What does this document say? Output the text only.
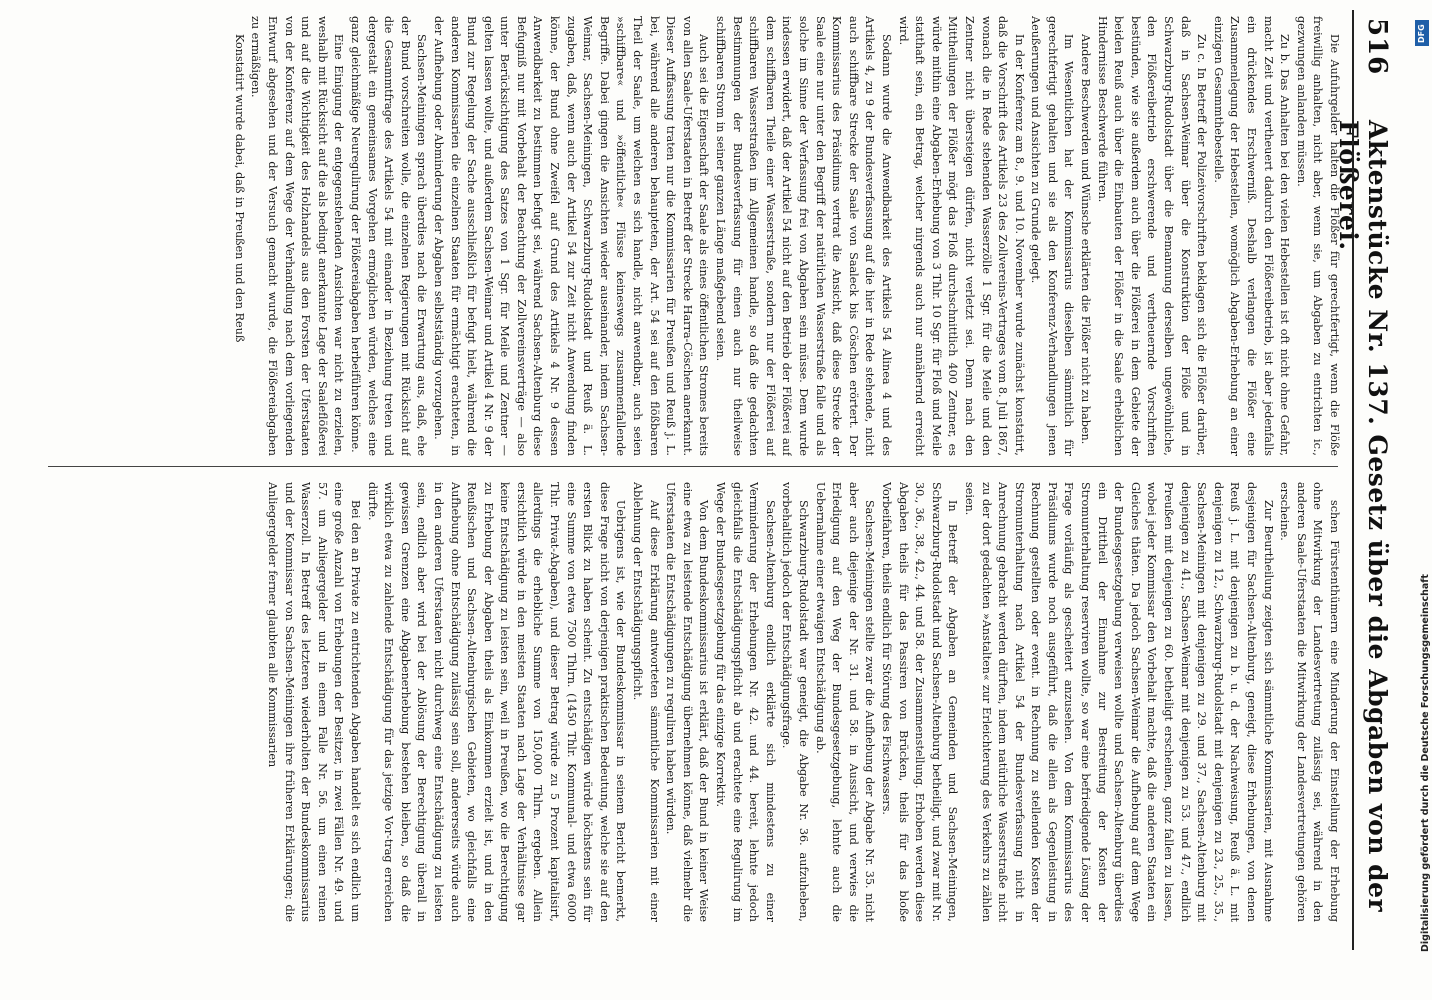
516
Aktenstücke Nr. 137. Gesetz über die Abgaben von der Flößerei.

Die Aufuhrgelder halten die Flößer für gerechtfertigt, wenn die Flöße freiwillig anhalten, nicht aber, wenn sie, um Abgaben zu entrichten ic., gezwungen anlanden müssen.

Zu b. Das Anhalten bei den vielen Hebestellen ist oft nicht ohne Gefahr, macht Zeit und vertheuert dadurch den Flößereibetrieb, ist aber jedenfalls ein drückendes Erschwerniß. Deshalb verlangen die Flößer eine Zusammenlegung der Hebestellen, womöglich Abgaben-Erhebung an einer einzigen Gesammthebestelle.

Zu c. In Betreff der Polizeivorschriften beklagen sich die Flößer darüber, daß in Sachsen-Weimar über die Konstruktion der Flöße und in Schwarzburg-Rudolstadt über die Bemannung derselben ungewöhnliche, den Flößereibetrieb erschwerende und vertheuernde Vorschriften bestünden, wie sie außerdem auch über die Flößerei in dem Gebiete der beiden Reuß auch über die Einbauten der Flößer in die Saale erheblichen Hindernisse Beschwerde führen.

Andere Beschwerden und Wünsche erklärten die Flößer nicht zu haben.

Im Wesentlichen hat der Kommissarius dieselben sämmtlich für gerechtfertigt gehalten und sie als den Konferenz-Verhandlungen jenen Aeußerungen und Ansichten zu Grunde gelegt.

In der Konferenz am 8., 9. und 10. November wurde zunächst konstatirt, daß die Vorschrift des Artikels 23 des Zollvereins-Vertrages vom 8. Juli 1867, wonach die in Rede stehenden Wasserzölle 1 Sgr. für die Meile und den Zentner nicht übersteigen dürfen, nicht verletzt sei. Denn nach den Mittheilungen der Flößer mögt das Floß durchschnittlich 400 Zentner, es würde mithin eine Abgaben-Erhebung von 3 Thlr. 10 Sgr. für Floß und Meile statthaft sein, ein Betrag, welcher nirgends auch nur annähernd erreicht wird.

Sodann wurde die Anwendbarkeit des Artikels 54 Alinea 4 und des Artikels 4, zu 9 der Bundesverfassung auf die hier in Rede stehende, nicht auch schiffbare Strecke der Saale von Saaleck bis Cöschen erörtert. Der Kommissarius des Präsidiums vertrat die Ansicht, daß diese Strecke der Saale eine nur unter den Begriff der natürlichen Wasserstraße falle und als solche im Sinne der Verfassung frei von Abgaben sein müsse. Dem wurde indessen erwidert, daß der Artikel 54 nicht auf den Betrieb der Flößerei auf dem schiffbaren Theile einer Wasserstraße, sondern nur der Flößerei auf schiffbaren Wasserstraßen im Allgemeinen handle, so daß die gedachten Bestimmungen der Bundesverfassung für einen auch nur theilweise schiffbaren Strom in seiner ganzen Länge maßgebend seien.

Auch sei die Eigenschaft der Saale als eines öffentlichen Stromes bereits von allen Saale-Uferstaaten in Betreff der Strecke Harra-Cöschen anerkannt. Dieser Auffassung traten nur die Kommissarien für Preußen und Reuß j. L. bei, während alle anderen behaupteten, der Art. 54 sei auf den flößbaren Theil der Saale, um welchen es sich handle, nicht anwendbar, auch seien »schiffbare« und »öffentliche« Flüsse keineswegs zusammenfallende Begriffe. Dabei gingen die Ansichten wieder auseinander, indem Sachsen-Weimar, Sachsen-Meiningen, Schwarzburg-Rudolstadt und Reuß ä. L. zugaben, daß, wenn auch der Artikel 54 zur Zeit nicht Anwendung finden könne, der Bund ohne Zweifel auf Grund des Artikels 4 Nr. 9 dessen Anwendbarkeit zu bestimmen befugt sei, während Sachsen-Altenburg diese Befugniß nur mit Vorbehalt der Beachtung der Zollvereinsverträge — also unter Berücksichtigung des Satzes von 1 Sgr. für Meile und Zentner — gelten lassen wollte, und außerdem Sachsen-Weimar und Artikel 4 Nr. 9 der Bund zur Regelung der Sache ausschließlich für befugt hielt, während die anderen Kommissarien die einzelnen Staaten für ermächtigt erachteten, in der Aufhebung oder Abminderung der Abgaben selbstständig vorzugehen.

Sachsen-Meiningen sprach überdies nach die Erwartung aus, daß, ehe der Bund vorschreiten wolle, die einzelnen Regierungen mit Rücksicht auf die Gesammtfrage des Artikels 54 mit einander in Beziehung treten und dergestalt ein gemeinsames Vorgehen ermöglichen würden, welches eine ganz gleichmäßige Neuregulirung der Flößereiabgaben herbeiführen könne.

Eine Einigung der entgegenstehenden Ansichten war nicht zu erzielen, weshalb mit Rücksicht auf die als bedingt anerkannte Lage der Saaleflößerei und auf die Wichtigkeit des Holzhandels aus den Forsten der Uferstaaten von der Konferenz auf dem Wege der Verhandlung nach dem vorliegenden Entwurf abgesehen und der Versuch gemacht wurde, die Flößereiabgaben zu ermäßigen.

Konstatirt wurde dabei, daß in Preußen und den Reuß

schen Fürstenthümern eine Minderung der Einstellung der Erhebung ohne Mitwirkung der Landesvertretung zulässig sei, während in den anderen Saale-Uferstaaten die Mitwirkung der Landesvertretungen gehören erscheine.

Zur Beurtheilung zeigten sich sämmtliche Kommissarien, mit Ausnahme desjenigen für Sachsen-Altenburg, geneigt, diese Erhebungen, von denen Reuß j. L. mit denjenigen zu b. u. d. der Nachweisung, Reuß ä. L. mit denjenigen zu 12., Schwarzburg-Rudolstadt mit denjenigen zu 23., 25., 35., Sachsen-Meiningen mit denjenigen zu 29. und 37., Sachsen-Altenburg mit denjenigen zu 41., Sachsen-Weimar mit denjenigen zu 53. und 47., endlich Preußen mit denjenigen zu 60. betheiligt erscheinen, ganz fallen zu lassen, wobei jeder Kommissar den Vorbehalt machte, daß die anderen Staaten ein Gleiches thäten. Da jedoch Sachsen-Weimar die Aufhebung auf dem Wege der Bundesgesetzgebung verweisen wollte und Sachsen-Altenburg überdies ein Drittheil der Einnahme zur Bestreitung der Kosten der Stromunterhaltung reserviren wollte, so war eine befriedigende Lösung der Frage vorläufig als gescheitert anzusehen. Von dem Kommissarius des Präsidiums wurde noch ausgeführt, daß die allein als Gegenleistung in Rechnung gestellten oder event. in Rechnung zu stellenden Kosten der Stromunterhaltung nach Artikel 54 der Bundesverfassung nicht in Anrechnung gebracht werden dürften, indem natürliche Wasserstraße nicht zu der dort gedachten »Anstalten« zur Erleichterung des Verkehrs zu zählen seien.

In Betreff der Abgaben an Gemeinden und Sachsen-Meiningen, Schwarzburg-Rudolstadt und Sachsen-Altenburg betheiligt, und zwar mit Nr. 30., 36., 38., 42., 44. und 58. der Zusammenstellung. Erhoben werden diese Abgaben theils für das Passiren von Brücken, theils für das bloße Vorbeifahren, theils endlich für Störung des Fischwassers.

Sachsen-Meiningen stellte zwar die Aufhebung der Abgabe Nr. 35. nicht aber auch diejenige der Nr. 31. und 58. in Aussicht, und verwies die Erledigung auf den Weg der Bundesgesetzgebung, lehnte auch die Uebernahme einer etwaigen Entschädigung ab.

Schwarzburg-Rudolstadt war geneigt, die Abgabe Nr. 36. aufzuheben, vorbehaltlich jedoch der Entschädigungsfrage.

Sachsen-Altenburg endlich erklärte sich mindestens zu einer Verminderung der Erhebungen Nr. 42. und 44. bereit, lehnte jedoch gleichfalls die Entschädigungspflicht ab und erachtete eine Regulirung im Wege der Bundesgesetzgebung für das einzige Korrektiv.

Von dem Bundeskommissarius ist erklärt, daß der Bund in keiner Weise eine etwa zu leistende Entschädigung übernehmen könne, daß vielmehr die Uferstaaten die Entschädigungen zu reguliren haben würden.

Auf diese Erklärung antworteten sämmtliche Kommissarien mit einer Ablehnung der Entschädigungspflicht.

Uebrigens ist, wie der Bundeskommissar in seinem Bericht bemerkt, diese Frage nicht von derjenigen praktischen Bedeutung, welche sie auf den ersten Blick zu haben scheint. Zu entschädigen würde höchstens sein für eine Summe von etwa 7500 Thlrn. (1450 Thlr. Kommunal- und etwa 6000 Thlr. Privat-Abgaben), und dieser Betrag würde zu 5 Prozent kapitalisirt, allerdings die erhebliche Summe von 150,000 Thlrn. ergeben. Allein ersichtlich würde in den meisten Staaten nach Lage der Verhältnisse gar keine Entschädigung zu leisten sein, weil in Preußen, wo die Berechtigung zu Erhebung der Abgaben theils als Einkommen erzielt ist, und in den Reußischen und Sachsen-Altenburgischen Gebieten, wo gleichfalls eine Aufhebung ohne Entschädigung zulässig sein soll, andererseits würde auch in den anderen Uferstaaten nicht durchweg eine Entschädigung zu leisten sein, endlich aber wird bei der Ablösung der Berechtigung überall in gewissen Grenzen eine Abgabenerhebung bestehen bleiben, so daß die wirklich etwa zu zahlende Entschädigung für das jetzige Vor-trag erreichen dürfte.

Bei den an Private zu entrichtenden Abgaben handelt es sich endlich um eine große Anzahl von Erhebungen der Besitzer, in zwei Fällen Nr. 49. und 57. um Anliegergelder und in einem Falle Nr. 56. um einen reinen Wasserzoll. In Betreff des letzteren wiederholten der Bundeskommissarius und der Kommissar von Sachsen-Meiningen ihre früheren Erklärungen; die Anliegergelder ferner glaubten alle Kommissarien

DFG
Digitalisierung gefördert durch die Deutsche Forschungsgemeinschaft
